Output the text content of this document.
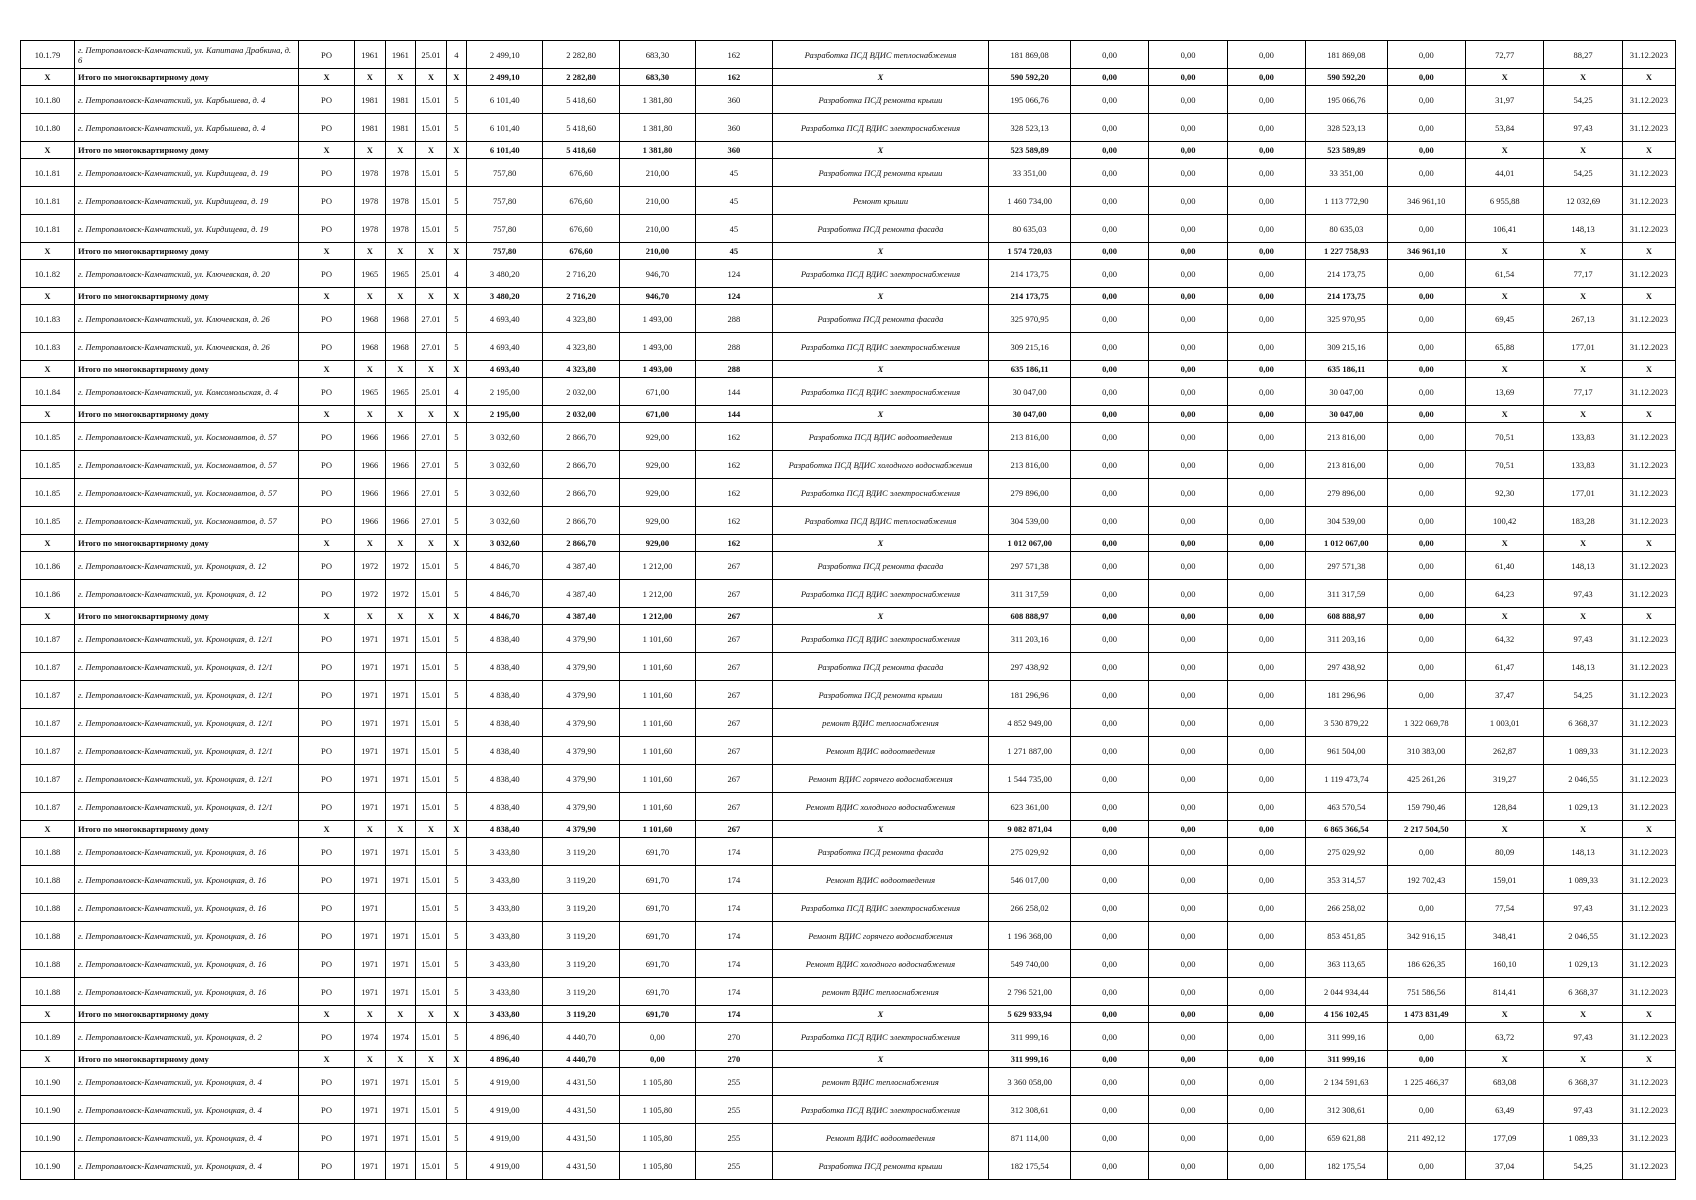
10.1.79	г. Петропавловск-Камчатский, ул. Капитана Драбкина, д. 6	РО	1961	1961	25.01	4	2 499,10	2 282,80	683,30	162	Разработка ПСД ВДИС теплоснабжения	181 869,08	0,00	0,00	0,00	181 869,08	0,00	72,77	88,27	31.12.2023
X	Итого по многоквартирному дому	X	X	X	X	X	2 499,10	2 282,80	683,30	162	X	590 592,20	0,00	0,00	0,00	590 592,20	0,00	X	X	X
10.1.80	г. Петропавловск-Камчатский, ул. Карбышева, д. 4	РО	1981	1981	15.01	5	6 101,40	5 418,60	1 381,80	360	Разработка ПСД ремонта крыши	195 066,76	0,00	0,00	0,00	195 066,76	0,00	31,97	54,25	31.12.2023
10.1.80	г. Петропавловск-Камчатский, ул. Карбышева, д. 4	РО	1981	1981	15.01	5	6 101,40	5 418,60	1 381,80	360	Разработка ПСД ВДИС электроснабжения	328 523,13	0,00	0,00	0,00	328 523,13	0,00	53,84	97,43	31.12.2023
X	Итого по многоквартирному дому	X	X	X	X	X	6 101,40	5 418,60	1 381,80	360	X	523 589,89	0,00	0,00	0,00	523 589,89	0,00	X	X	X
10.1.81	г. Петропавловск-Камчатский, ул. Кирдищева, д. 19	РО	1978	1978	15.01	5	757,80	676,60	210,00	45	Разработка ПСД ремонта крыши	33 351,00	0,00	0,00	0,00	33 351,00	0,00	44,01	54,25	31.12.2023
10.1.81	г. Петропавловск-Камчатский, ул. Кирдищева, д. 19	РО	1978	1978	15.01	5	757,80	676,60	210,00	45	Ремонт крыши	1 460 734,00	0,00	0,00	0,00	1 113 772,90	346 961,10	6 955,88	12 032,69	31.12.2023
10.1.81	г. Петропавловск-Камчатский, ул. Кирдищева, д. 19	РО	1978	1978	15.01	5	757,80	676,60	210,00	45	Разработка ПСД ремонта фасада	80 635,03	0,00	0,00	0,00	80 635,03	0,00	106,41	148,13	31.12.2023
X	Итого по многоквартирному дому	X	X	X	X	X	757,80	676,60	210,00	45	X	1 574 720,03	0,00	0,00	0,00	1 227 758,93	346 961,10	X	X	X
10.1.82	г. Петропавловск-Камчатский, ул. Ключевская, д. 20	РО	1965	1965	25.01	4	3 480,20	2 716,20	946,70	124	Разработка ПСД ВДИС электроснабжения	214 173,75	0,00	0,00	0,00	214 173,75	0,00	61,54	77,17	31.12.2023
X	Итого по многоквартирному дому	X	X	X	X	X	3 480,20	2 716,20	946,70	124	X	214 173,75	0,00	0,00	0,00	214 173,75	0,00	X	X	X
10.1.83	г. Петропавловск-Камчатский, ул. Ключевская, д. 26	РО	1968	1968	27.01	5	4 693,40	4 323,80	1 493,00	288	Разработка ПСД ремонта фасада	325 970,95	0,00	0,00	0,00	325 970,95	0,00	69,45	267,13	31.12.2023
10.1.83	г. Петропавловск-Камчатский, ул. Ключевская, д. 26	РО	1968	1968	27.01	5	4 693,40	4 323,80	1 493,00	288	Разработка ПСД ВДИС электроснабжения	309 215,16	0,00	0,00	0,00	309 215,16	0,00	65,88	177,01	31.12.2023
X	Итого по многоквартирному дому	X	X	X	X	X	4 693,40	4 323,80	1 493,00	288	X	635 186,11	0,00	0,00	0,00	635 186,11	0,00	X	X	X
10.1.84	г. Петропавловск-Камчатский, ул. Комсомольская, д. 4	РО	1965	1965	25.01	4	2 195,00	2 032,00	671,00	144	Разработка ПСД ВДИС электроснабжения	30 047,00	0,00	0,00	0,00	30 047,00	0,00	13,69	77,17	31.12.2023
X	Итого по многоквартирному дому	X	X	X	X	X	2 195,00	2 032,00	671,00	144	X	30 047,00	0,00	0,00	0,00	30 047,00	0,00	X	X	X
10.1.85	г. Петропавловск-Камчатский, ул. Космонавтов, д. 57	РО	1966	1966	27.01	5	3 032,60	2 866,70	929,00	162	Разработка ПСД ВДИС водоотведения	213 816,00	0,00	0,00	0,00	213 816,00	0,00	70,51	133,83	31.12.2023
10.1.85	г. Петропавловск-Камчатский, ул. Космонавтов, д. 57	РО	1966	1966	27.01	5	3 032,60	2 866,70	929,00	162	Разработка ПСД ВДИС холодного водоснабжения	213 816,00	0,00	0,00	0,00	213 816,00	0,00	70,51	133,83	31.12.2023
10.1.85	г. Петропавловск-Камчатский, ул. Космонавтов, д. 57	РО	1966	1966	27.01	5	3 032,60	2 866,70	929,00	162	Разработка ПСД ВДИС электроснабжения	279 896,00	0,00	0,00	0,00	279 896,00	0,00	92,30	177,01	31.12.2023
10.1.85	г. Петропавловск-Камчатский, ул. Космонавтов, д. 57	РО	1966	1966	27.01	5	3 032,60	2 866,70	929,00	162	Разработка ПСД ВДИС теплоснабжения	304 539,00	0,00	0,00	0,00	304 539,00	0,00	100,42	183,28	31.12.2023
X	Итого по многоквартирному дому	X	X	X	X	X	3 032,60	2 866,70	929,00	162	X	1 012 067,00	0,00	0,00	0,00	1 012 067,00	0,00	X	X	X
10.1.86	г. Петропавловск-Камчатский, ул. Кроноцкая, д. 12	РО	1972	1972	15.01	5	4 846,70	4 387,40	1 212,00	267	Разработка ПСД ремонта фасада	297 571,38	0,00	0,00	0,00	297 571,38	0,00	61,40	148,13	31.12.2023
10.1.86	г. Петропавловск-Камчатский, ул. Кроноцкая, д. 12	РО	1972	1972	15.01	5	4 846,70	4 387,40	1 212,00	267	Разработка ПСД ВДИС электроснабжения	311 317,59	0,00	0,00	0,00	311 317,59	0,00	64,23	97,43	31.12.2023
X	Итого по многоквартирному дому	X	X	X	X	X	4 846,70	4 387,40	1 212,00	267	X	608 888,97	0,00	0,00	0,00	608 888,97	0,00	X	X	X
10.1.87	г. Петропавловск-Камчатский, ул. Кроноцкая, д. 12/1	РО	1971	1971	15.01	5	4 838,40	4 379,90	1 101,60	267	Разработка ПСД ВДИС электроснабжения	311 203,16	0,00	0,00	0,00	311 203,16	0,00	64,32	97,43	31.12.2023
10.1.87	г. Петропавловск-Камчатский, ул. Кроноцкая, д. 12/1	РО	1971	1971	15.01	5	4 838,40	4 379,90	1 101,60	267	Разработка ПСД ремонта фасада	297 438,92	0,00	0,00	0,00	297 438,92	0,00	61,47	148,13	31.12.2023
10.1.87	г. Петропавловск-Камчатский, ул. Кроноцкая, д. 12/1	РО	1971	1971	15.01	5	4 838,40	4 379,90	1 101,60	267	Разработка ПСД ремонта крыши	181 296,96	0,00	0,00	0,00	181 296,96	0,00	37,47	54,25	31.12.2023
10.1.87	г. Петропавловск-Камчатский, ул. Кроноцкая, д. 12/1	РО	1971	1971	15.01	5	4 838,40	4 379,90	1 101,60	267	ремонт ВДИС теплоснабжения	4 852 949,00	0,00	0,00	0,00	3 530 879,22	1 322 069,78	1 003,01	6 368,37	31.12.2023
10.1.87	г. Петропавловск-Камчатский, ул. Кроноцкая, д. 12/1	РО	1971	1971	15.01	5	4 838,40	4 379,90	1 101,60	267	Ремонт ВДИС водоотведения	1 271 887,00	0,00	0,00	0,00	961 504,00	310 383,00	262,87	1 089,33	31.12.2023
10.1.87	г. Петропавловск-Камчатский, ул. Кроноцкая, д. 12/1	РО	1971	1971	15.01	5	4 838,40	4 379,90	1 101,60	267	Ремонт ВДИС горячего водоснабжения	1 544 735,00	0,00	0,00	0,00	1 119 473,74	425 261,26	319,27	2 046,55	31.12.2023
10.1.87	г. Петропавловск-Камчатский, ул. Кроноцкая, д. 12/1	РО	1971	1971	15.01	5	4 838,40	4 379,90	1 101,60	267	Ремонт ВДИС холодного водоснабжения	623 361,00	0,00	0,00	0,00	463 570,54	159 790,46	128,84	1 029,13	31.12.2023
X	Итого по многоквартирному дому	X	X	X	X	X	4 838,40	4 379,90	1 101,60	267	X	9 082 871,04	0,00	0,00	0,00	6 865 366,54	2 217 504,50	X	X	X
10.1.88	г. Петропавловск-Камчатский, ул. Кроноцкая, д. 16	РО	1971	1971	15.01	5	3 433,80	3 119,20	691,70	174	Разработка ПСД ремонта фасада	275 029,92	0,00	0,00	0,00	275 029,92	0,00	80,09	148,13	31.12.2023
10.1.88	г. Петропавловск-Камчатский, ул. Кроноцкая, д. 16	РО	1971	1971	15.01	5	3 433,80	3 119,20	691,70	174	Ремонт ВДИС водоотведения	546 017,00	0,00	0,00	0,00	353 314,57	192 702,43	159,01	1 089,33	31.12.2023
10.1.88	г. Петропавловск-Камчатский, ул. Кроноцкая, д. 16	РО	1971		15.01	5	3 433,80	3 119,20	691,70	174	Разработка ПСД ВДИС электроснабжения	266 258,02	0,00	0,00	0,00	266 258,02	0,00	77,54	97,43	31.12.2023
10.1.88	г. Петропавловск-Камчатский, ул. Кроноцкая, д. 16	РО	1971	1971	15.01	5	3 433,80	3 119,20	691,70	174	Ремонт ВДИС горячего водоснабжения	1 196 368,00	0,00	0,00	0,00	853 451,85	342 916,15	348,41	2 046,55	31.12.2023
10.1.88	г. Петропавловск-Камчатский, ул. Кроноцкая, д. 16	РО	1971	1971	15.01	5	3 433,80	3 119,20	691,70	174	Ремонт ВДИС холодного водоснабжения	549 740,00	0,00	0,00	0,00	363 113,65	186 626,35	160,10	1 029,13	31.12.2023
10.1.88	г. Петропавловск-Камчатский, ул. Кроноцкая, д. 16	РО	1971	1971	15.01	5	3 433,80	3 119,20	691,70	174	ремонт ВДИС теплоснабжения	2 796 521,00	0,00	0,00	0,00	2 044 934,44	751 586,56	814,41	6 368,37	31.12.2023
X	Итого по многоквартирному дому	X	X	X	X	X	3 433,80	3 119,20	691,70	174	X	5 629 933,94	0,00	0,00	0,00	4 156 102,45	1 473 831,49	X	X	X
10.1.89	г. Петропавловск-Камчатский, ул. Кроноцкая, д. 2	РО	1974	1974	15.01	5	4 896,40	4 440,70	0,00	270	Разработка ПСД ВДИС электроснабжения	311 999,16	0,00	0,00	0,00	311 999,16	0,00	63,72	97,43	31.12.2023
X	Итого по многоквартирному дому	X	X	X	X	X	4 896,40	4 440,70	0,00	270	X	311 999,16	0,00	0,00	0,00	311 999,16	0,00	X	X	X
10.1.90	г. Петропавловск-Камчатский, ул. Кроноцкая, д. 4	РО	1971	1971	15.01	5	4 919,00	4 431,50	1 105,80	255	ремонт ВДИС теплоснабжения	3 360 058,00	0,00	0,00	0,00	2 134 591,63	1 225 466,37	683,08	6 368,37	31.12.2023
10.1.90	г. Петропавловск-Камчатский, ул. Кроноцкая, д. 4	РО	1971	1971	15.01	5	4 919,00	4 431,50	1 105,80	255	Разработка ПСД ВДИС электроснабжения	312 308,61	0,00	0,00	0,00	312 308,61	0,00	63,49	97,43	31.12.2023
10.1.90	г. Петропавловск-Камчатский, ул. Кроноцкая, д. 4	РО	1971	1971	15.01	5	4 919,00	4 431,50	1 105,80	255	Ремонт ВДИС водоотведения	871 114,00	0,00	0,00	0,00	659 621,88	211 492,12	177,09	1 089,33	31.12.2023
10.1.90	г. Петропавловск-Камчатский, ул. Кроноцкая, д. 4	РО	1971	1971	15.01	5	4 919,00	4 431,50	1 105,80	255	Разработка ПСД ремонта крыши	182 175,54	0,00	0,00	0,00	182 175,54	0,00	37,04	54,25	31.12.2023
